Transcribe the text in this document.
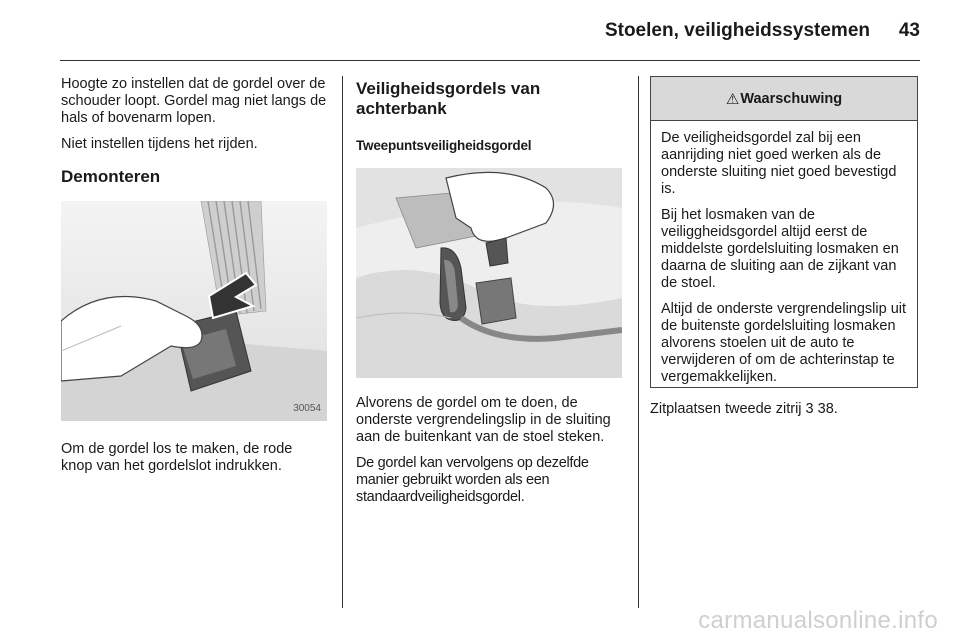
Stoelen, veiligheidssystemen 43

Hoogte zo instellen dat de gordel over de schouder loopt. Gordel mag niet langs de hals of bovenarm lopen.

Niet instellen tijdens het rijden.

Demonteren
30054

Om de gordel los te maken, de rode knop van het gordelslot indrukken.

Veiligheidsgordels van achterbank
Tweepuntsveiligheidsgordel

Alvorens de gordel om te doen, de onderste vergrendelingslip in de sluiting aan de buitenkant van de stoel steken.

De gordel kan vervolgens op dezelfde manier gebruikt worden als een standaardveiligheidsgordel.

⚠ Waarschuwing

De veiligheidsgordel zal bij een aanrijding niet goed werken als de onderste sluiting niet goed bevestigd is.

Bij het losmaken van de veiliggheidsgordel altijd eerst de middelste gordelsluiting losmaken en daarna de sluiting aan de zijkant van de stoel.

Altijd de onderste vergrendelingslip uit de buitenste gordelsluiting losmaken alvorens stoelen uit de auto te verwijderen of om de achterinstap te vergemakkelijken.

Zitplaatsen tweede zitrij 3 38.

carmanualsonline.info
